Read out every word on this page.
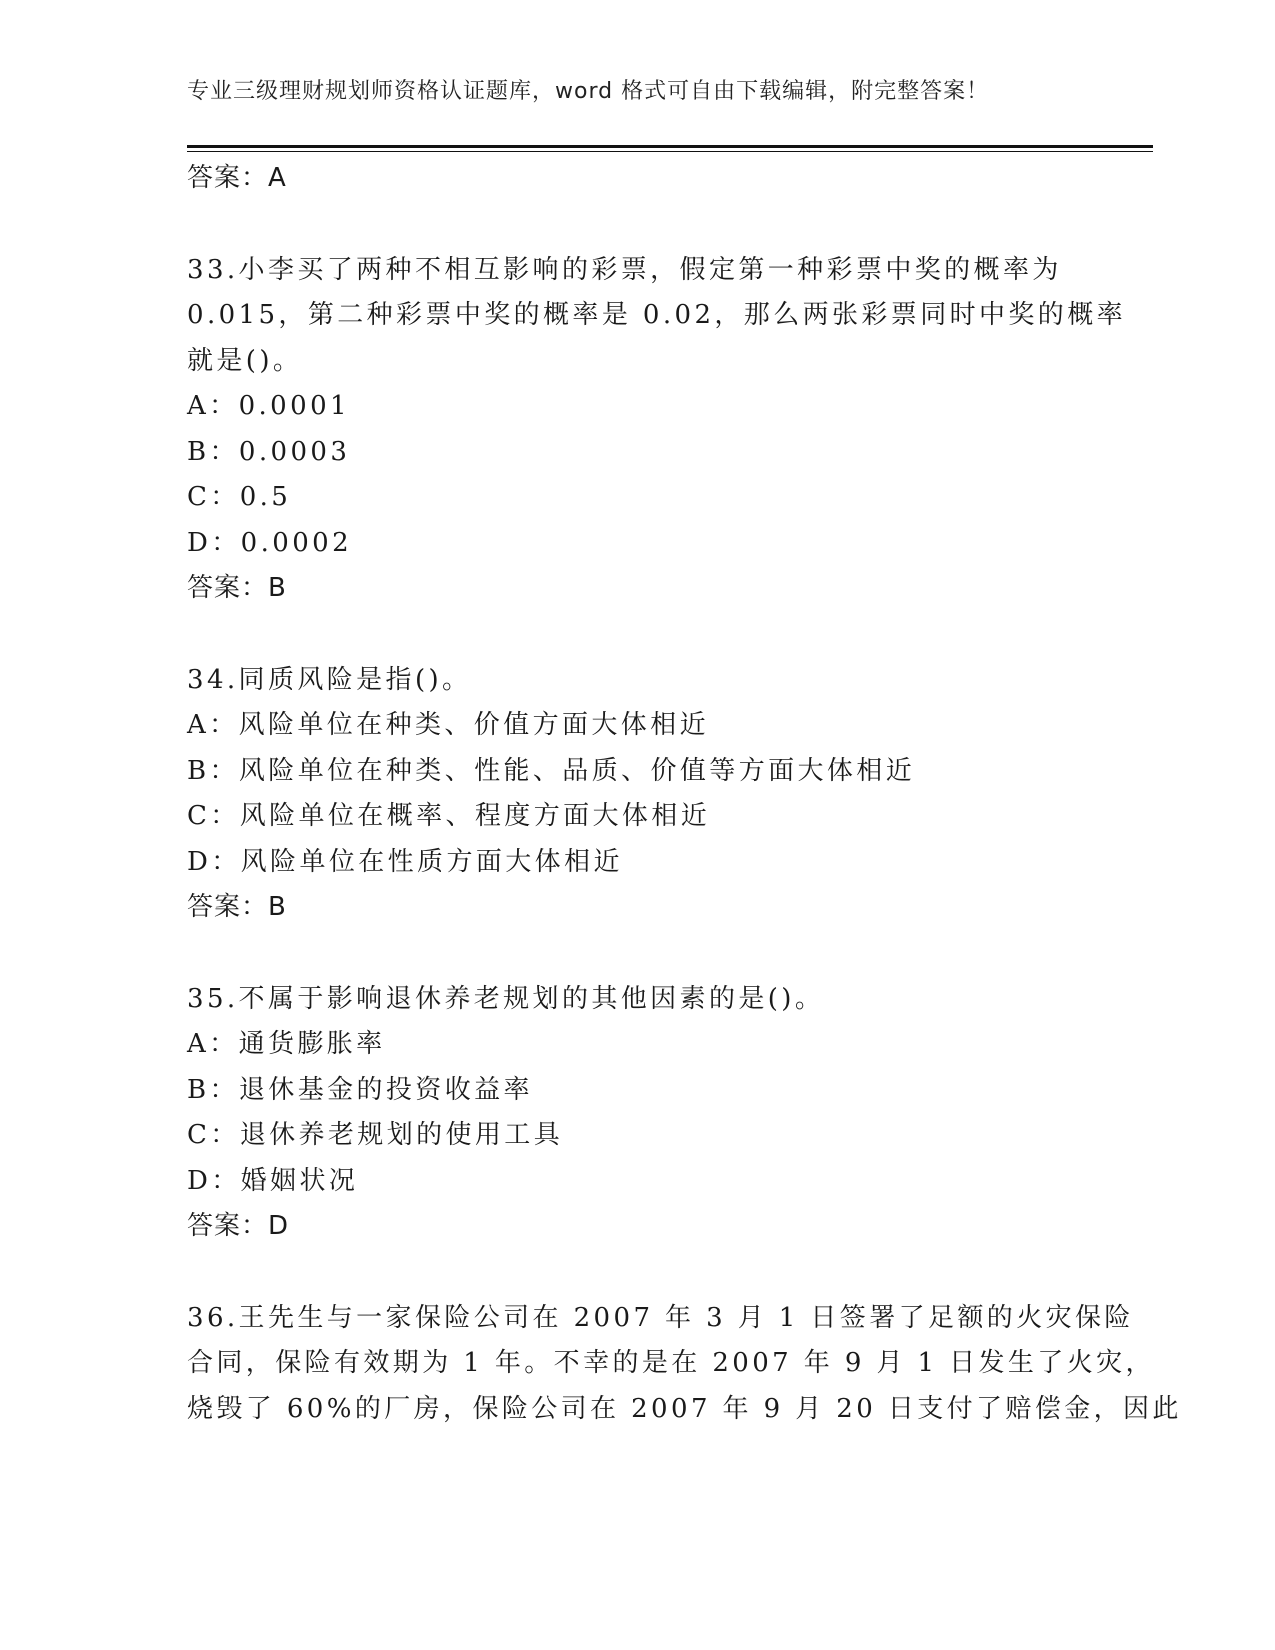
专业三级理财规划师资格认证题库，word 格式可自由下载编辑，附完整答案！
答案：A
33.小李买了两种不相互影响的彩票，假定第一种彩票中奖的概率为
0.015，第二种彩票中奖的概率是 0.02，那么两张彩票同时中奖的概率
就是()。
A：0.0001
B：0.0003
C：0.5
D：0.0002
答案：B
34.同质风险是指()。
A：风险单位在种类、价值方面大体相近
B：风险单位在种类、性能、品质、价值等方面大体相近
C：风险单位在概率、程度方面大体相近
D：风险单位在性质方面大体相近
答案：B
35.不属于影响退休养老规划的其他因素的是()。
A：通货膨胀率
B：退休基金的投资收益率
C：退休养老规划的使用工具
D：婚姻状况
答案：D
36.王先生与一家保险公司在 2007 年 3 月 1 日签署了足额的火灾保险
合同，保险有效期为 1 年。不幸的是在 2007 年 9 月 1 日发生了火灾，
烧毁了 60%的厂房，保险公司在 2007 年 9 月 20 日支付了赔偿金，因此
